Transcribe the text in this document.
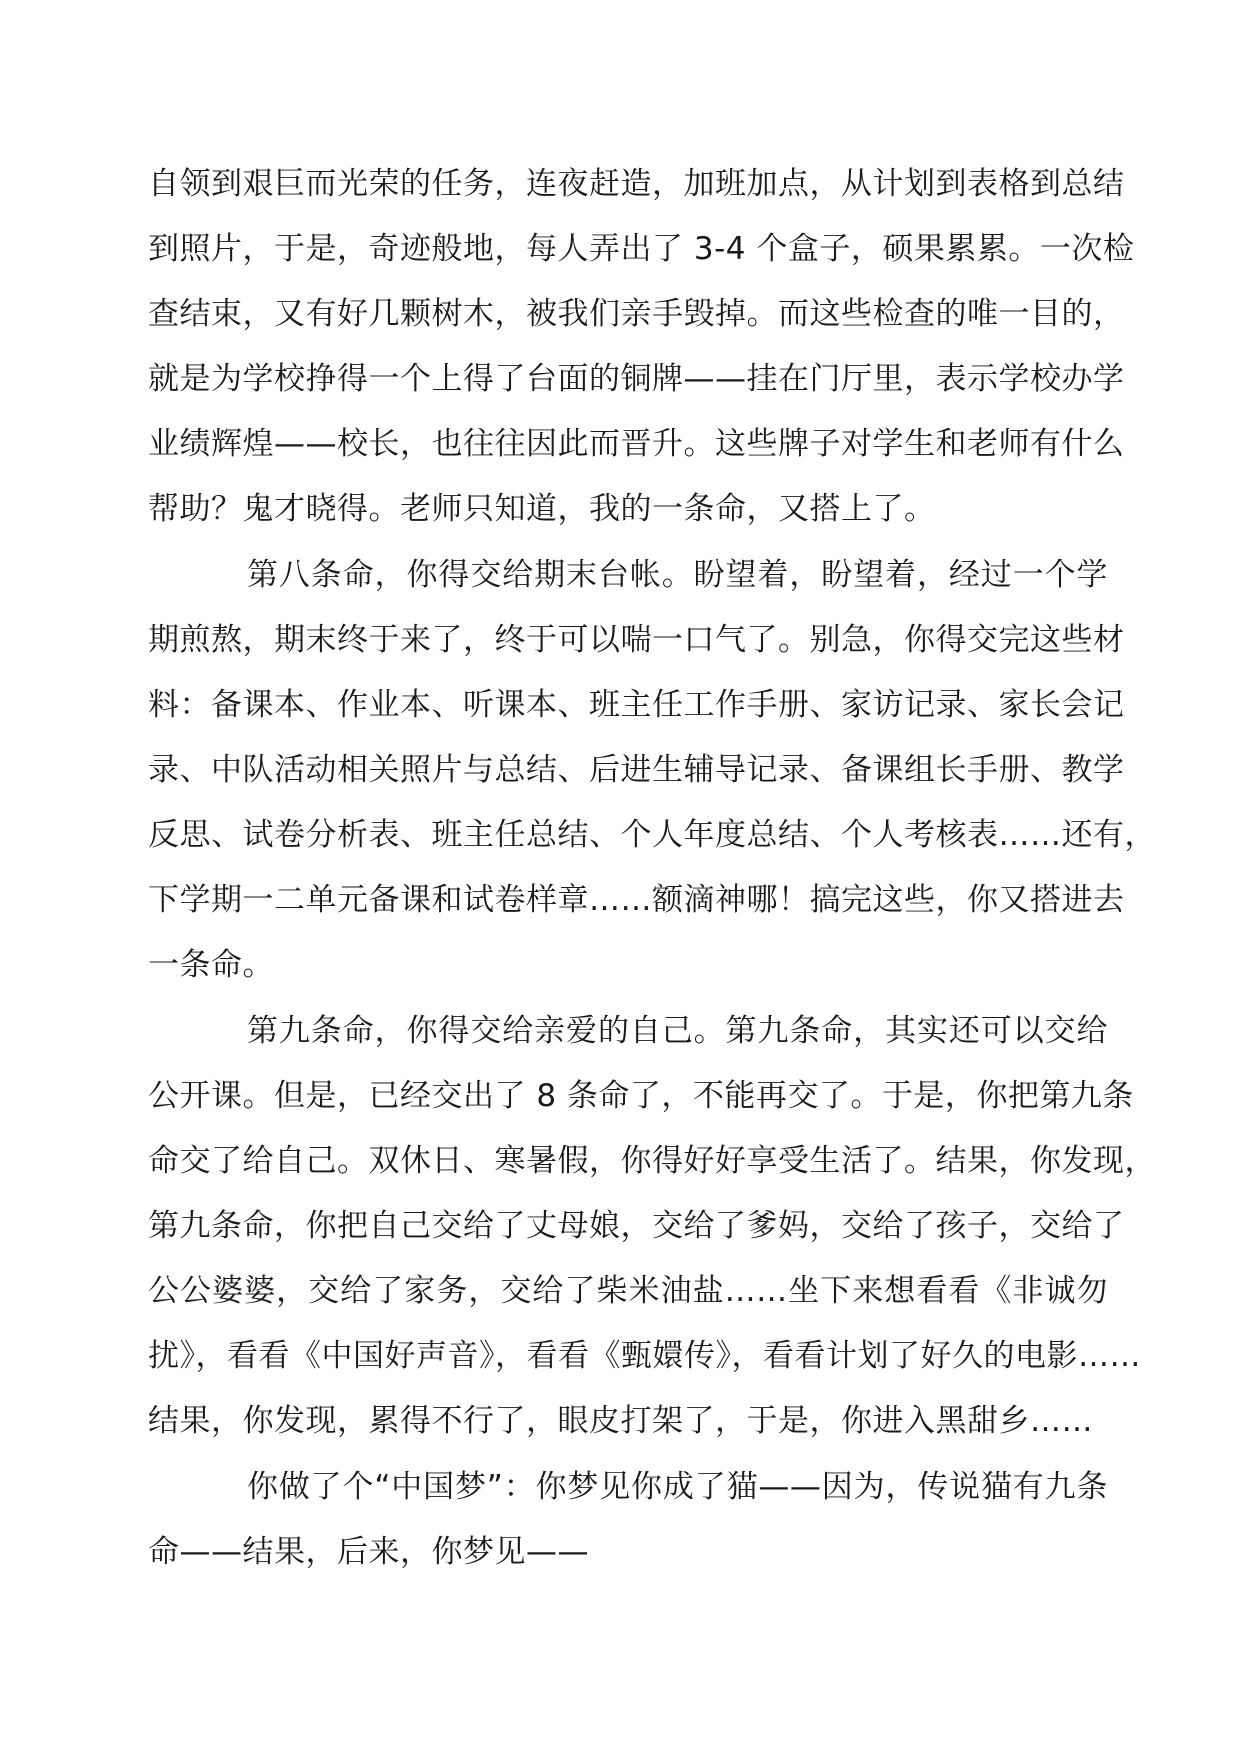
自领到艰巨而光荣的任务，连夜赶造，加班加点，从计划到表格到总结
到照片，于是，奇迹般地，每人弄出了 3-4 个盒子，硕果累累。一次检
查结束，又有好几颗树木，被我们亲手毁掉。而这些检查的唯一目的，
就是为学校挣得一个上得了台面的铜牌——挂在门厅里，表示学校办学
业绩辉煌——校长，也往往因此而晋升。这些牌子对学生和老师有什么
帮助？鬼才晓得。老师只知道，我的一条命，又搭上了。
第八条命，你得交给期末台帐。盼望着，盼望着，经过一个学
期煎熬，期末终于来了，终于可以喘一口气了。别急，你得交完这些材
料：备课本、作业本、听课本、班主任工作手册、家访记录、家长会记
录、中队活动相关照片与总结、后进生辅导记录、备课组长手册、教学
反思、试卷分析表、班主任总结、个人年度总结、个人考核表……还有，
下学期一二单元备课和试卷样章……额滴神哪！搞完这些，你又搭进去
一条命。
第九条命，你得交给亲爱的自己。第九条命，其实还可以交给
公开课。但是，已经交出了 8 条命了，不能再交了。于是，你把第九条
命交了给自己。双休日、寒暑假，你得好好享受生活了。结果，你发现，
第九条命，你把自己交给了丈母娘，交给了爹妈，交给了孩子，交给了
公公婆婆，交给了家务，交给了柴米油盐……坐下来想看看《非诚勿
扰》，看看《中国好声音》，看看《甄嬛传》，看看计划了好久的电影……
结果，你发现，累得不行了，眼皮打架了，于是，你进入黑甜乡……
你做了个“中国梦”：你梦见你成了猫——因为，传说猫有九条
命——结果，后来，你梦见——
